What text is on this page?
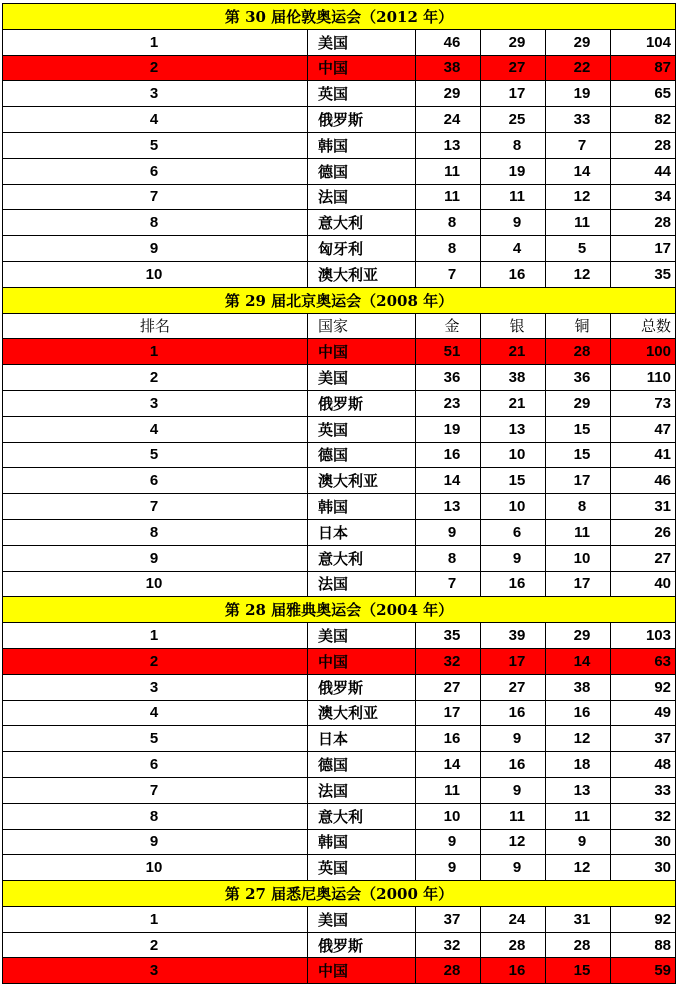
第 30 届伦敦奥运会（2012 年）					
1	美国	46	29	29	104
2	中国	38	27	22	87
3	英国	29	17	19	65
4	俄罗斯	24	25	33	82
5	韩国	13	8	7	28
6	德国	11	19	14	44
7	法国	11	11	12	34
8	意大利	8	9	11	28
9	匈牙利	8	4	5	17
10	澳大利亚	7	16	12	35
第 29 届北京奥运会（2008 年）					
排名	国家	金	银	铜	总数
1	中国	51	21	28	100
2	美国	36	38	36	110
3	俄罗斯	23	21	29	73
4	英国	19	13	15	47
5	德国	16	10	15	41
6	澳大利亚	14	15	17	46
7	韩国	13	10	8	31
8	日本	9	6	11	26
9	意大利	8	9	10	27
10	法国	7	16	17	40
第 28 届雅典奥运会（2004 年）					
1	美国	35	39	29	103
2	中国	32	17	14	63
3	俄罗斯	27	27	38	92
4	澳大利亚	17	16	16	49
5	日本	16	9	12	37
6	德国	14	16	18	48
7	法国	11	9	13	33
8	意大利	10	11	11	32
9	韩国	9	12	9	30
10	英国	9	9	12	30
第 27 届悉尼奥运会（2000 年）					
1	美国	37	24	31	92
2	俄罗斯	32	28	28	88
3	中国	28	16	15	59
